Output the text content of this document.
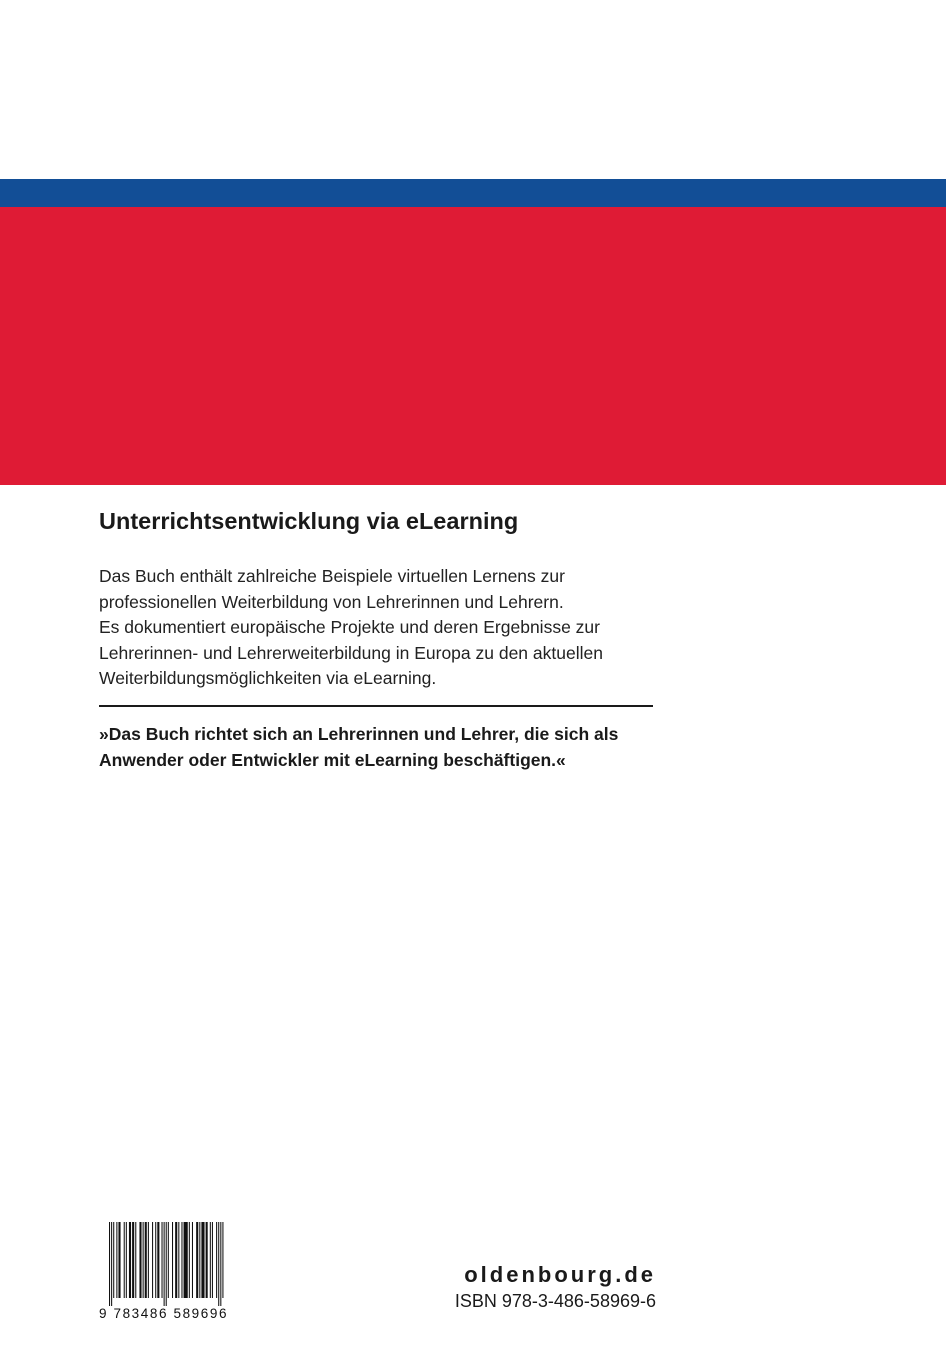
»Weiterbildungsmöglichkeiten via eLearning.«
Unterrichtsentwicklung via eLearning
Das Buch enthält zahlreiche Beispiele virtuellen Lernens zur
professionellen Weiterbildung von Lehrerinnen und Lehrern.
Es dokumentiert europäische Projekte und deren Ergebnisse zur
Lehrerinnen- und Lehrerweiterbildung in Europa zu den aktuellen
Weiterbildungsmöglichkeiten via eLearning.
»Das Buch richtet sich an Lehrerinnen und Lehrer, die sich als
Anwender oder Entwickler mit eLearning beschäftigen.«
9 783486 589696
oldenbourg.de
ISBN 978-3-486-58969-6
